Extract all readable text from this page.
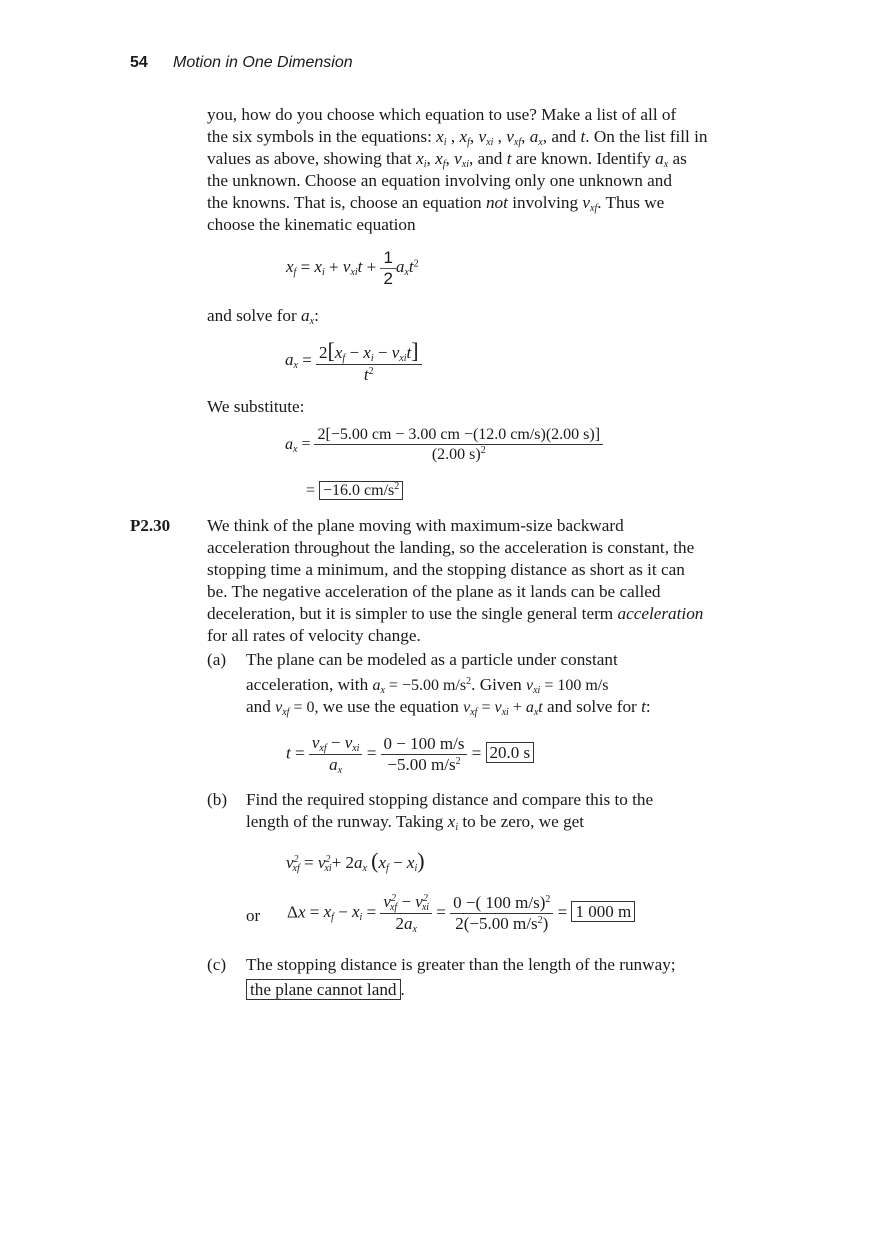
54 Motion in One Dimension
you, how do you choose which equation to use? Make a list of all of
the six symbols in the equations: $x_i$ , $x_f$, $v_{xi}$ , $v_{xf}$, $a_x$, and t. On the list fill in
values as above, showing that $x_i$, $x_f$, $v_{xi}$, and t are known. Identify $a_x$ as
the unknown. Choose an equation involving only one unknown and
the knowns. That is, choose an equation not involving $v_{xf}$. Thus we
choose the kinematic equation
$x_f = x_i + v_{xi}t + \frac{1}{2} a_xt^2$
and solve for $a_x$:
$a_x = \frac{2[x_f - x_i - v_{xi}t]}{t^2}$
We substitute:
$a_x = \frac{2[-5.00 cm - 3.00 cm -(12.0 cm/s)(2.00 s)]}{(2.00 s)^2}$
= −16.0 $cm/s^2$
P2.30 We think of the plane moving with maximum-size backward
acceleration throughout the landing, so the acceleration is constant, the
stopping time a minimum, and the stopping distance as short as it can
be. The negative acceleration of the plane as it lands can be called
deceleration, but it is simpler to use the single general term acceleration
for all rates of velocity change.
(a) The plane can be modeled as a particle under constant
acceleration, with $a_x = -5.00$ $m/s^2$. Given $v_{xi} = 100$ m/s
and $v_{xf} = 0$, we use the equation $v_{xf} = v_{xi} + a_xt$ and solve for t:
$t = \frac{v_{xf} - v_{xi}}{a_x} = \frac{0 - 100 m/s}{-5.00 m/s^2} = 20.0$ s
(b) Find the required stopping distance and compare this to the
length of the runway. Taking $x_i$ to be zero, we get
$v^2_{xf} = v^2_{xi}+ 2a_x$ $(x_f - x_i)$
or $\Delta x = x_f - x_i = \frac{v^2_{xf} - v^2_{xi}}{2a_x} = \frac{0 -( 100 m/s)^2}{2(-5.00 m/s^2)} = 1$ 000 m
(c) The stopping distance is greater than the length of the runway;
the plane cannot land .
